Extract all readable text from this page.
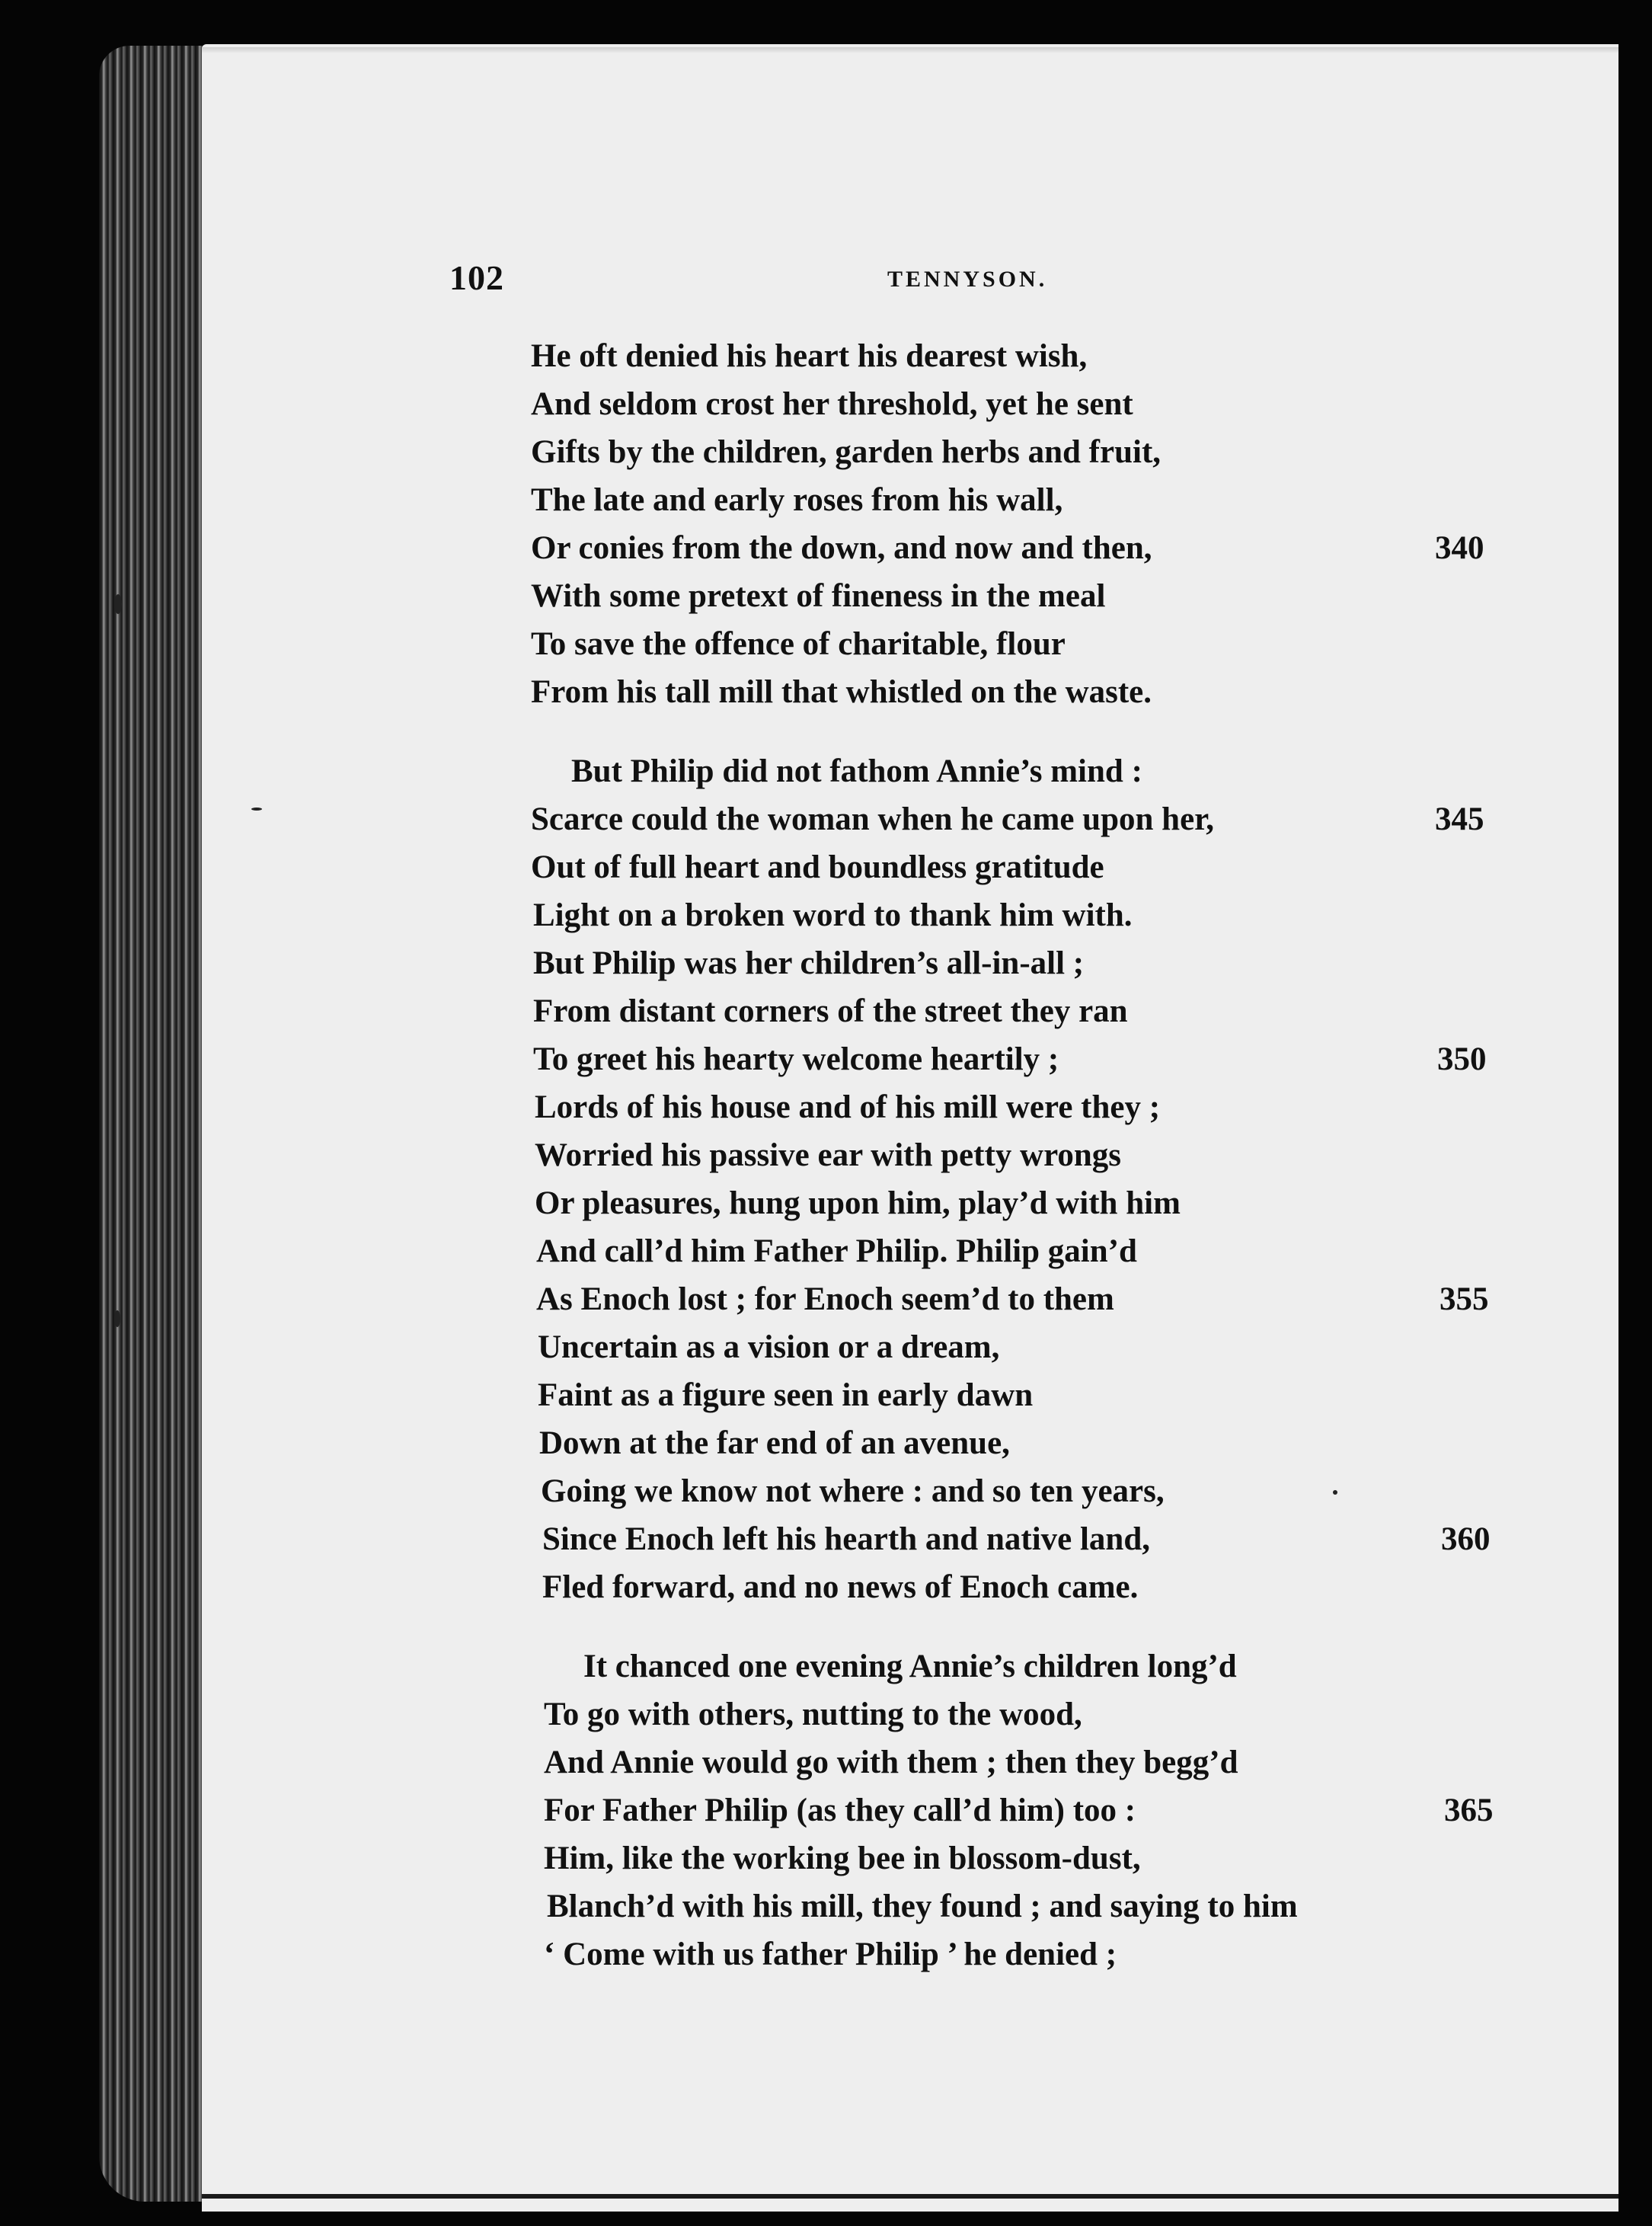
102	TENNYSON.
He oft denied his heart his dearest wish,
And seldom crost her threshold, yet he sent
Gifts by the children, garden herbs and fruit,
The late and early roses from his wall,
Or conies from the down, and now and then,	340
With some pretext of fineness in the meal
To save the offence of charitable, flour
From his tall mill that whistled on the waste.
But Philip did not fathom Annie’s mind :
Scarce could the woman when he came upon her,	345
Out of full heart and boundless gratitude
Light on a broken word to thank him with.
But Philip was her children’s all-in-all ;
From distant corners of the street they ran
To greet his hearty welcome heartily ;	350
Lords of his house and of his mill were they ;
Worried his passive ear with petty wrongs
Or pleasures, hung upon him, play’d with him
And call’d him Father Philip. Philip gain’d
As Enoch lost ; for Enoch seem’d to them	355
Uncertain as a vision or a dream,
Faint as a figure seen in early dawn
Down at the far end of an avenue,
Going we know not where : and so ten years,
Since Enoch left his hearth and native land,	360
Fled forward, and no news of Enoch came.
It chanced one evening Annie’s children long’d
To go with others, nutting to the wood,
And Annie would go with them ; then they begg’d
For Father Philip (as they call’d him) too :	365
Him, like the working bee in blossom-dust,
Blanch’d with his mill, they found ; and saying to him
‘ Come with us father Philip ’ he denied ;
